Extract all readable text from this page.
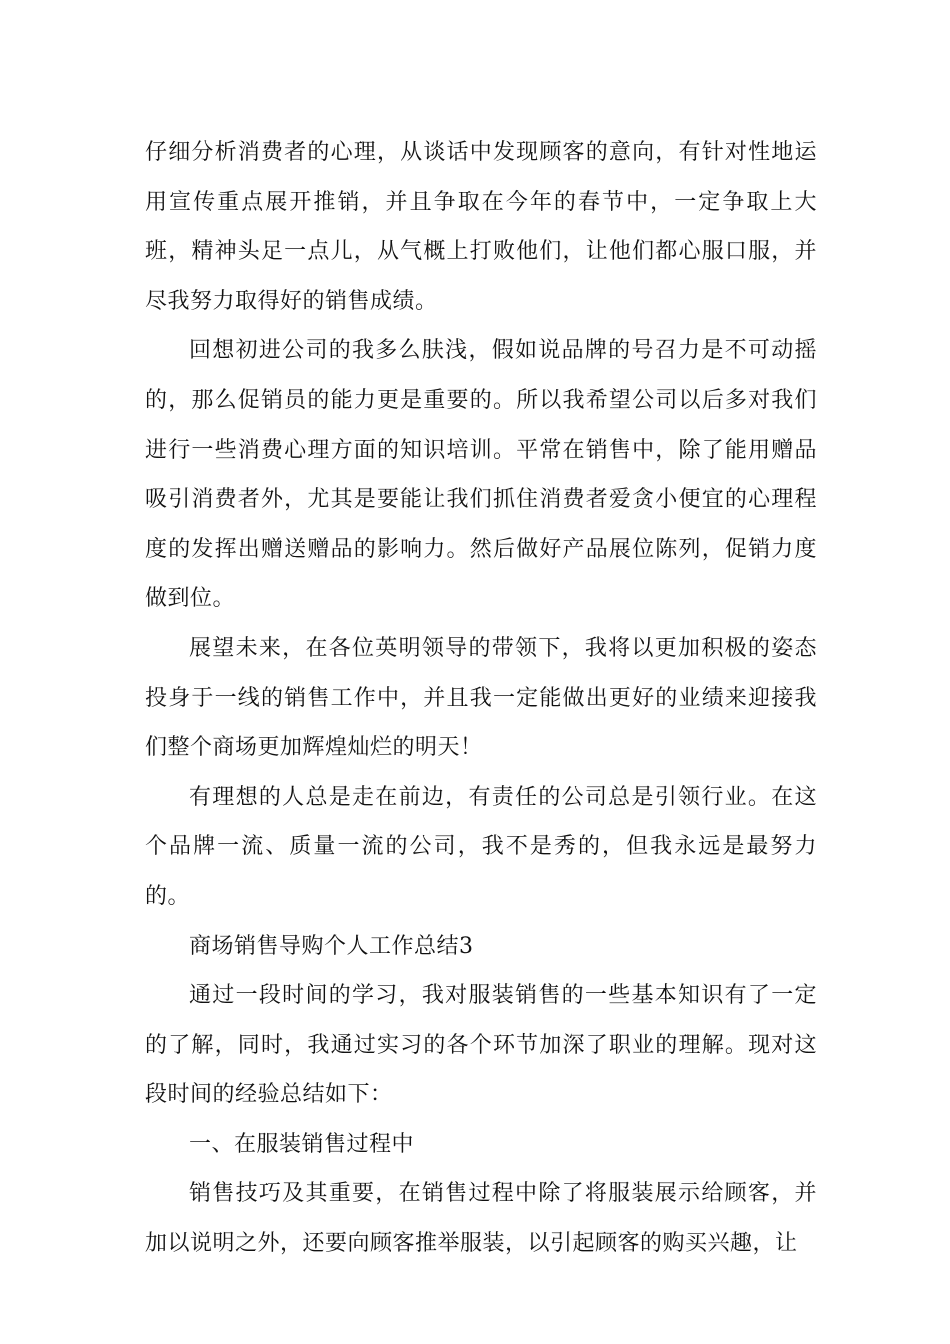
仔细分析消费者的心理，从谈话中发现顾客的意向，有针对性地运用宣传重点展开推销，并且争取在今年的春节中，一定争取上大班，精神头足一点儿，从气概上打败他们，让他们都心服口服，并尽我努力取得好的销售成绩。

回想初进公司的我多么肤浅，假如说品牌的号召力是不可动摇的，那么促销员的能力更是重要的。所以我希望公司以后多对我们进行一些消费心理方面的知识培训。平常在销售中，除了能用赠品吸引消费者外，尤其是要能让我们抓住消费者爱贪小便宜的心理程度的发挥出赠送赠品的影响力。然后做好产品展位陈列，促销力度做到位。

展望未来，在各位英明领导的带领下，我将以更加积极的姿态投身于一线的销售工作中，并且我一定能做出更好的业绩来迎接我们整个商场更加辉煌灿烂的明天！

有理想的人总是走在前边，有责任的公司总是引领行业。在这个品牌一流、质量一流的公司，我不是秀的，但我永远是最努力的。

商场销售导购个人工作总结3

通过一段时间的学习，我对服装销售的一些基本知识有了一定的了解，同时，我通过实习的各个环节加深了职业的理解。现对这段时间的经验总结如下：

一、在服装销售过程中

销售技巧及其重要，在销售过程中除了将服装展示给顾客，并加以说明之外，还要向顾客推举服装，以引起顾客的购买兴趣，让
